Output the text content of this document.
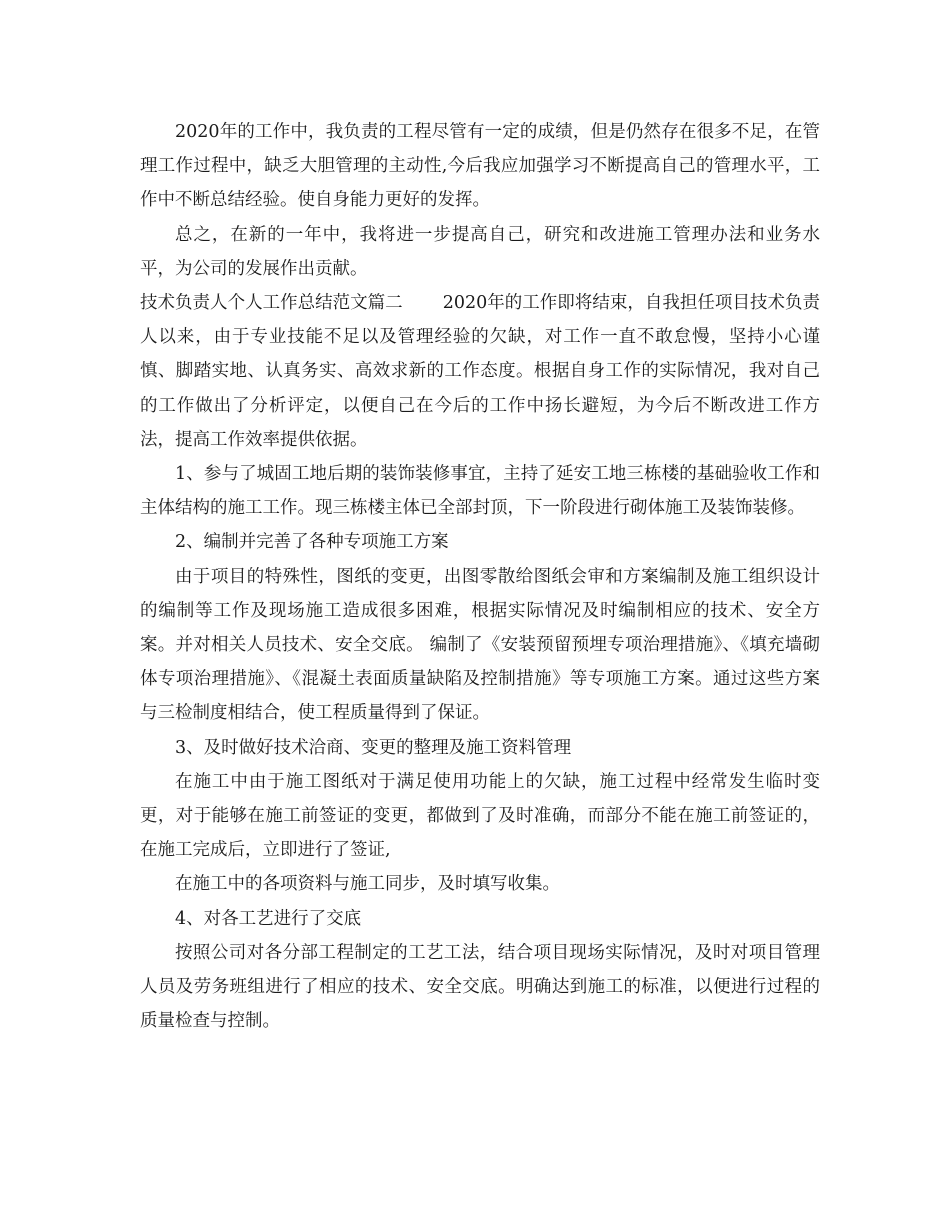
2020年的工作中，我负责的工程尽管有一定的成绩，但是仍然存在很多不足，在管理工作过程中，缺乏大胆管理的主动性,今后我应加强学习不断提高自己的管理水平，工作中不断总结经验。使自身能力更好的发挥。

总之，在新的一年中，我将进一步提高自己，研究和改进施工管理办法和业务水平，为公司的发展作出贡献。

技术负责人个人工作总结范文篇二 2020年的工作即将结束，自我担任项目技术负责人以来，由于专业技能不足以及管理经验的欠缺，对工作一直不敢怠慢，坚持小心谨慎、脚踏实地、认真务实、高效求新的工作态度。根据自身工作的实际情况，我对自己的工作做出了分析评定，以便自己在今后的工作中扬长避短，为今后不断改进工作方法，提高工作效率提供依据。

1、参与了城固工地后期的装饰装修事宜，主持了延安工地三栋楼的基础验收工作和主体结构的施工工作。现三栋楼主体已全部封顶，下一阶段进行砌体施工及装饰装修。

2、编制并完善了各种专项施工方案

由于项目的特殊性，图纸的变更，出图零散给图纸会审和方案编制及施工组织设计的编制等工作及现场施工造成很多困难，根据实际情况及时编制相应的技术、安全方案。并对相关人员技术、安全交底。 编制了《安装预留预埋专项治理措施》、《填充墙砌体专项治理措施》、《混凝土表面质量缺陷及控制措施》等专项施工方案。通过这些方案与三检制度相结合，使工程质量得到了保证。

3、及时做好技术洽商、变更的整理及施工资料管理

在施工中由于施工图纸对于满足使用功能上的欠缺，施工过程中经常发生临时变更，对于能够在施工前签证的变更，都做到了及时准确，而部分不能在施工前签证的，在施工完成后，立即进行了签证,

在施工中的各项资料与施工同步，及时填写收集。

4、对各工艺进行了交底

按照公司对各分部工程制定的工艺工法，结合项目现场实际情况，及时对项目管理人员及劳务班组进行了相应的技术、安全交底。明确达到施工的标准，以便进行过程的质量检查与控制。
